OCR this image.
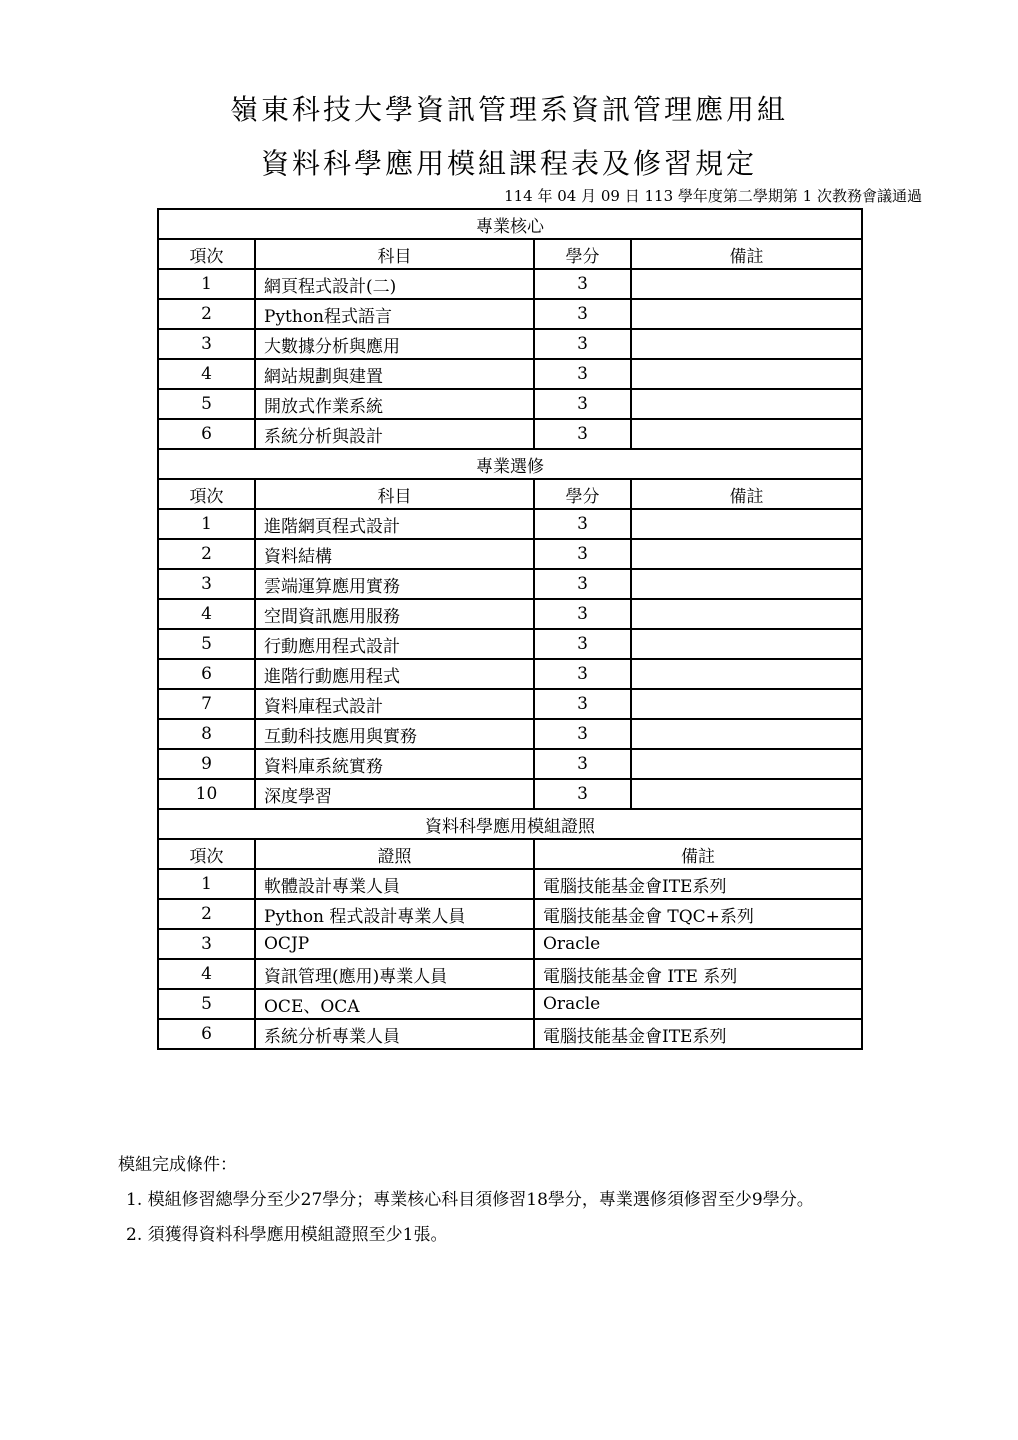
嶺東科技大學資訊管理系資訊管理應用組
資料科學應用模組課程表及修習規定
114 年 04 月 09 日 113 學年度第二學期第 1 次教務會議通過
專業核心			
項次	科目	學分	備註
1	網頁程式設計(二)	3	
2	Python程式語言	3	
3	大數據分析與應用	3	
4	網站規劃與建置	3	
5	開放式作業系統	3	
6	系統分析與設計	3	
專業選修			
項次	科目	學分	備註
1	進階網頁程式設計	3	
2	資料結構	3	
3	雲端運算應用實務	3	
4	空間資訊應用服務	3	
5	行動應用程式設計	3	
6	進階行動應用程式	3	
7	資料庫程式設計	3	
8	互動科技應用與實務	3	
9	資料庫系統實務	3	
10	深度學習	3	
資料科學應用模組證照			
項次	證照	備註	
1	軟體設計專業人員	電腦技能基金會ITE系列	
2	Python 程式設計專業人員	電腦技能基金會 TQC+系列	
3	OCJP	Oracle	
4	資訊管理(應用)專業人員	電腦技能基金會 ITE 系列	
5	OCE、OCA	Oracle	
6	系統分析專業人員	電腦技能基金會ITE系列	
模組完成條件：
1. 模組修習總學分至少27學分；專業核心科目須修習18學分，專業選修須修習至少9學分。
2. 須獲得資料科學應用模組證照至少1張。
